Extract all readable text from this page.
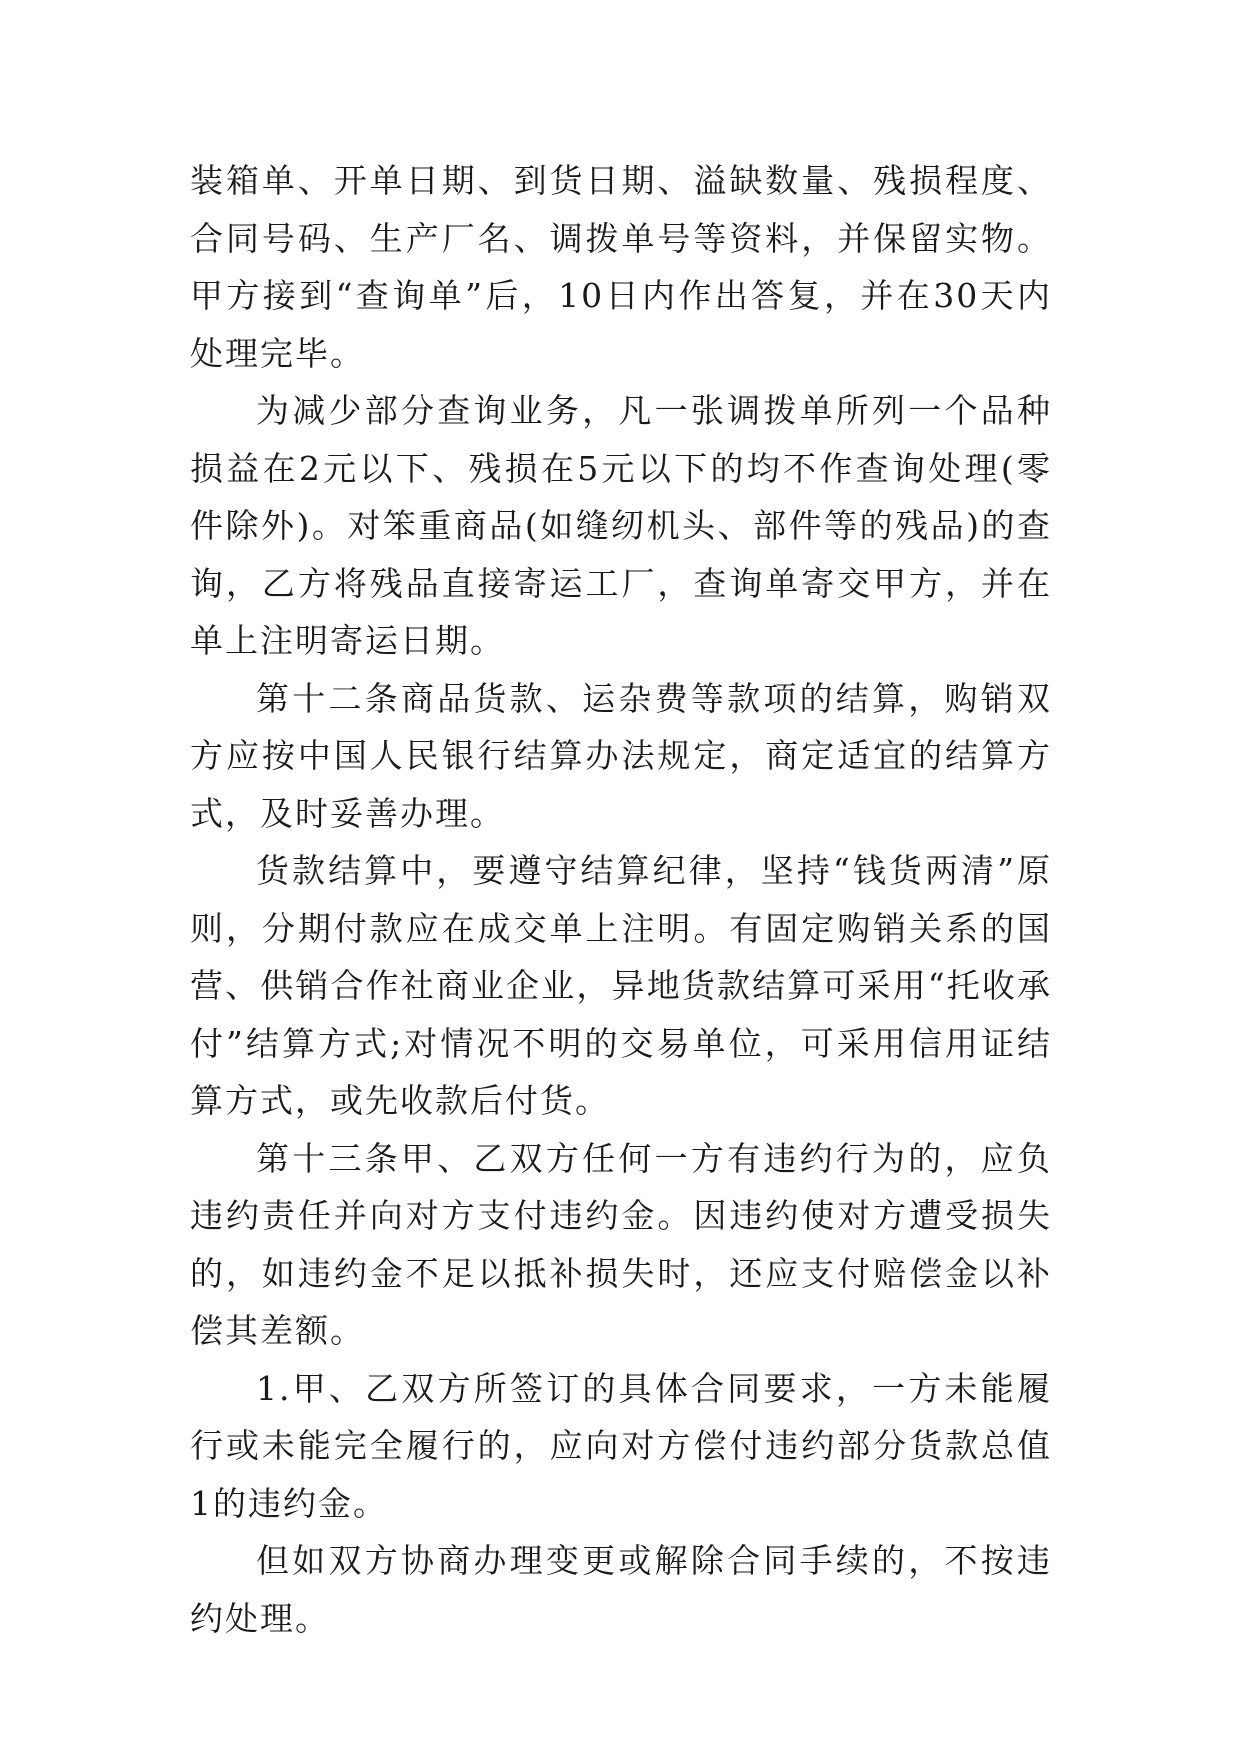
装箱单、开单日期、到货日期、溢缺数量、残损程度、合同号码、生产厂名、调拨单号等资料，并保留实物。甲方接到“查询单”后，10日内作出答复，并在30天内处理完毕。

为减少部分查询业务，凡一张调拨单所列一个品种损益在2元以下、残损在5元以下的均不作查询处理(零件除外)。对笨重商品(如缝纫机头、部件等的残品)的查询，乙方将残品直接寄运工厂，查询单寄交甲方，并在单上注明寄运日期。

第十二条商品货款、运杂费等款项的结算，购销双方应按中国人民银行结算办法规定，商定适宜的结算方式，及时妥善办理。

货款结算中，要遵守结算纪律，坚持“钱货两清”原则，分期付款应在成交单上注明。有固定购销关系的国营、供销合作社商业企业，异地货款结算可采用“托收承付”结算方式;对情况不明的交易单位，可采用信用证结算方式，或先收款后付货。

第十三条甲、乙双方任何一方有违约行为的，应负违约责任并向对方支付违约金。因违约使对方遭受损失的，如违约金不足以抵补损失时，还应支付赔偿金以补偿其差额。

1.甲、乙双方所签订的具体合同要求，一方未能履行或未能完全履行的，应向对方偿付违约部分货款总值1的违约金。

但如双方协商办理变更或解除合同手续的，不按违约处理。
